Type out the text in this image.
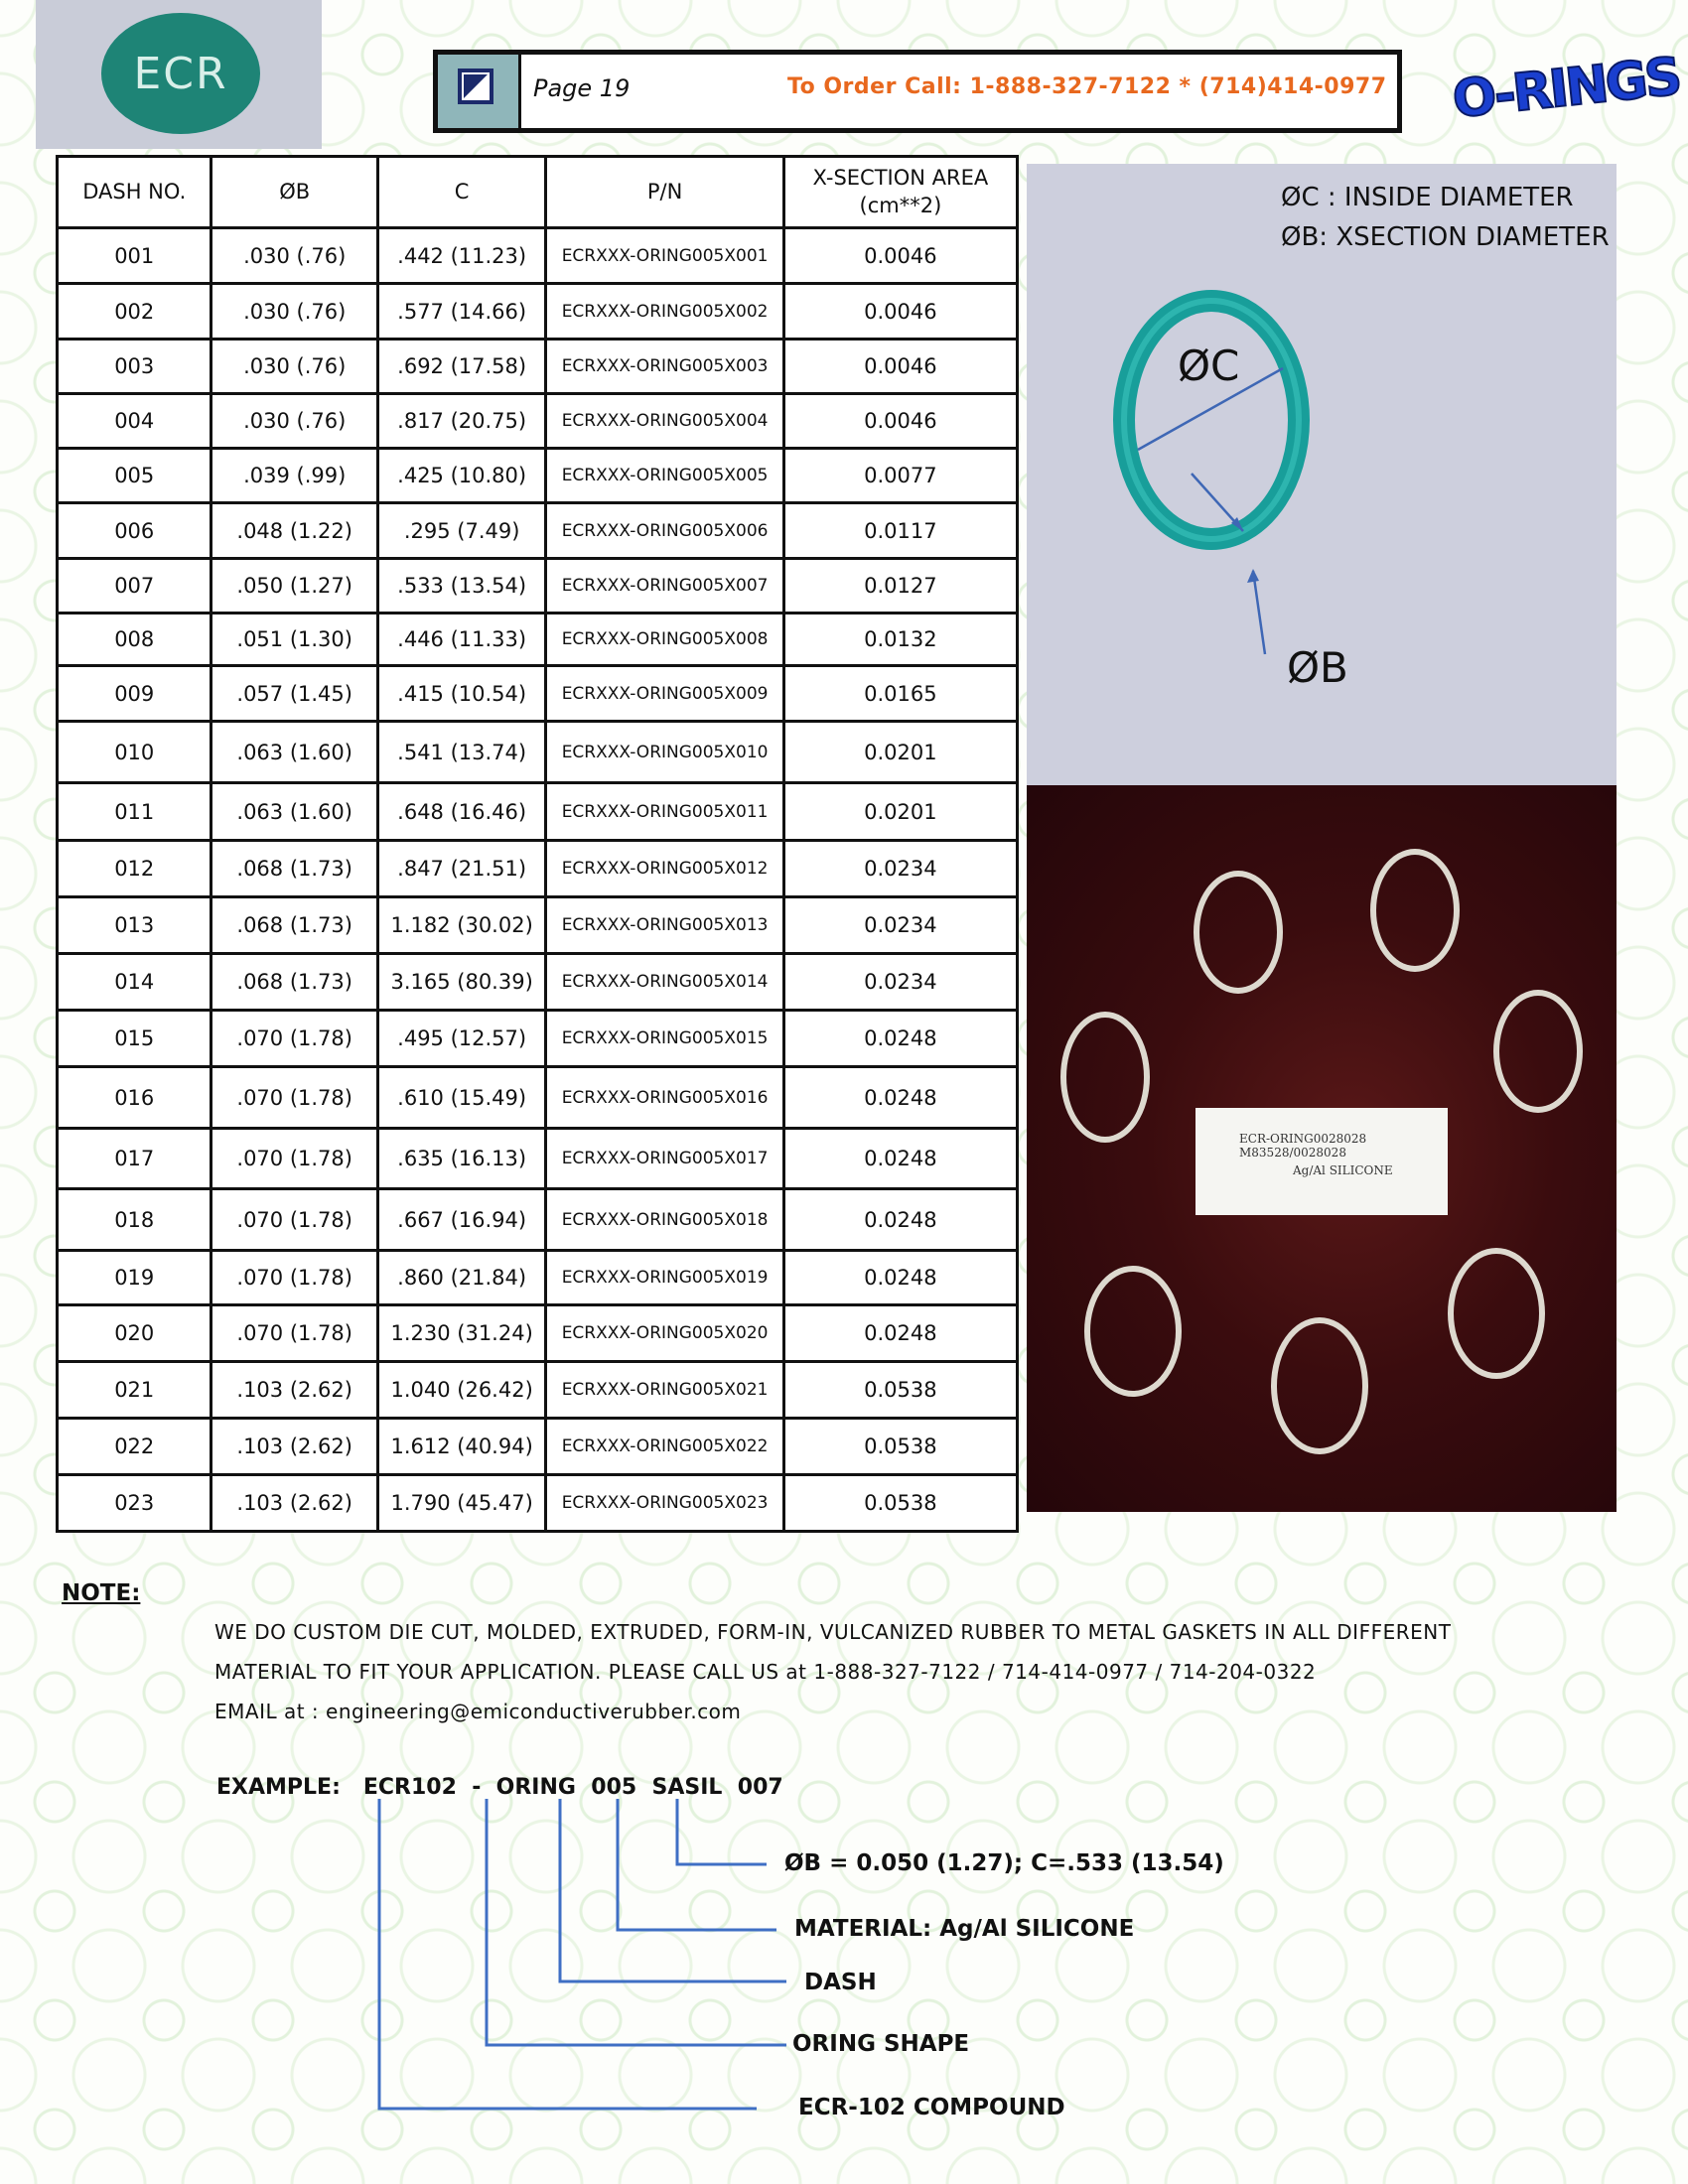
ECR	Page 19	To Order Call: 1-888-327-7122 * (714)414-0977 O-RINGS
DASH NO.	ØB	C	P/N	X-SECTION AREA (cm**2)
001	.030 (.76)	.442 (11.23)	ECRXXX-ORING005X001	0.0046
002	.030 (.76)	.577 (14.66)	ECRXXX-ORING005X002	0.0046
003	.030 (.76)	.692 (17.58)	ECRXXX-ORING005X003	0.0046
004	.030 (.76)	.817 (20.75)	ECRXXX-ORING005X004	0.0046
005	.039 (.99)	.425 (10.80)	ECRXXX-ORING005X005	0.0077
006	.048 (1.22)	.295 (7.49)	ECRXXX-ORING005X006	0.0117
007	.050 (1.27)	.533 (13.54)	ECRXXX-ORING005X007	0.0127
008	.051 (1.30)	.446 (11.33)	ECRXXX-ORING005X008	0.0132
009	.057 (1.45)	.415 (10.54)	ECRXXX-ORING005X009	0.0165
010	.063 (1.60)	.541 (13.74)	ECRXXX-ORING005X010	0.0201
011	.063 (1.60)	.648 (16.46)	ECRXXX-ORING005X011	0.0201
012	.068 (1.73)	.847 (21.51)	ECRXXX-ORING005X012	0.0234
013	.068 (1.73)	1.182 (30.02)	ECRXXX-ORING005X013	0.0234
014	.068 (1.73)	3.165 (80.39)	ECRXXX-ORING005X014	0.0234
015	.070 (1.78)	.495 (12.57)	ECRXXX-ORING005X015	0.0248
016	.070 (1.78)	.610 (15.49)	ECRXXX-ORING005X016	0.0248
017	.070 (1.78)	.635 (16.13)	ECRXXX-ORING005X017	0.0248
018	.070 (1.78)	.667 (16.94)	ECRXXX-ORING005X018	0.0248
019	.070 (1.78)	.860 (21.84)	ECRXXX-ORING005X019	0.0248
020	.070 (1.78)	1.230 (31.24)	ECRXXX-ORING005X020	0.0248
021	.103 (2.62)	1.040 (26.42)	ECRXXX-ORING005X021	0.0538
022	.103 (2.62)	1.612 (40.94)	ECRXXX-ORING005X022	0.0538
023	.103 (2.62)	1.790 (45.47)	ECRXXX-ORING005X023	0.0538
ØC : INSIDE DIAMETER
ØB: XSECTION DIAMETER
ØC
ØB
ECR-ORING0028028 M83528/0028028
Ag/Al SILICONE
NOTE:
WE DO CUSTOM DIE CUT, MOLDED, EXTRUDED, FORM-IN, VULCANIZED RUBBER TO METAL GASKETS IN ALL DIFFERENT
MATERIAL TO FIT YOUR APPLICATION. PLEASE CALL US at 1-888-327-7122 / 714-414-0977 / 714-204-0322
EMAIL at : engineering@emiconductiverubber.com
EXAMPLE:   ECR102  -  ORING  005  SASIL  007
ØB = 0.050 (1.27); C=.533 (13.54)
MATERIAL: Ag/Al SILICONE
DASH
ORING SHAPE
ECR-102 COMPOUND
